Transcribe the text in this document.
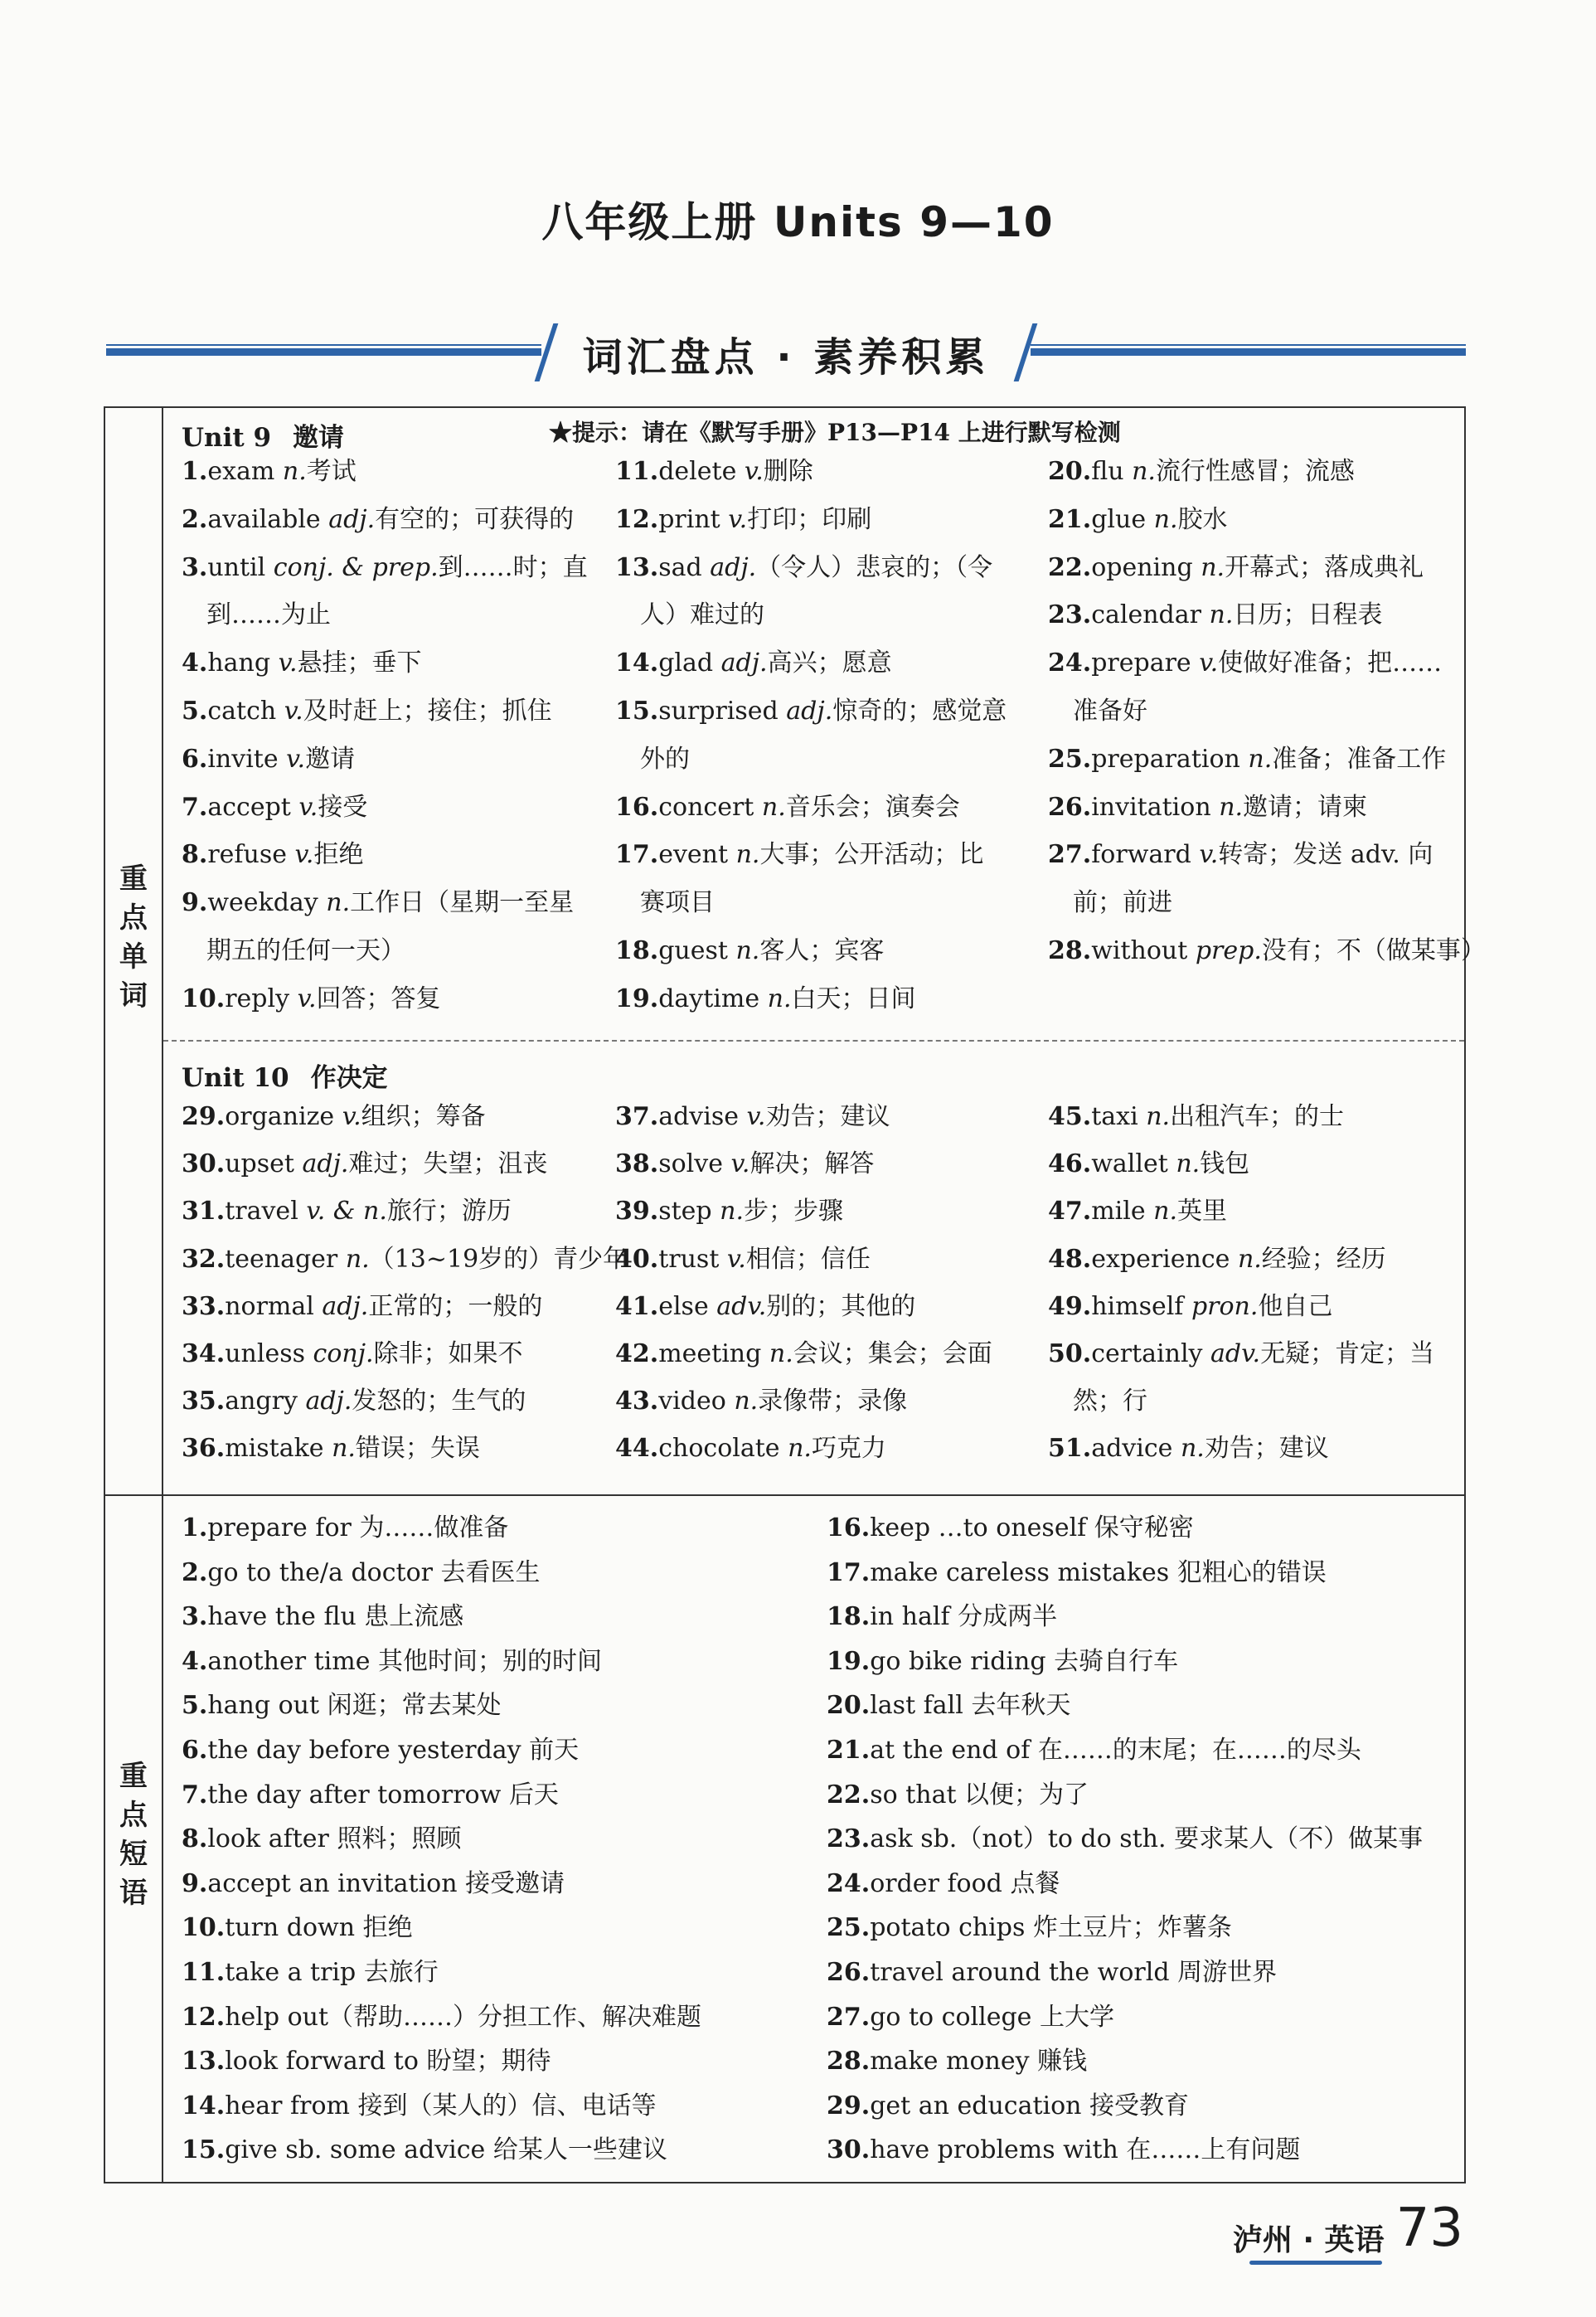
八年级上册 Units 9—10
词汇盘点 · 素养积累
重点单词
★提示：请在《默写手册》P13—P14 上进行默写检测
Unit 9 邀请
1.exam n.考试
2.available adj.有空的；可获得的
3.until conj. & prep.到……时；直
到……为止
4.hang v.悬挂；垂下
5.catch v.及时赶上；接住；抓住
6.invite v.邀请
7.accept v.接受
8.refuse v.拒绝
9.weekday n.工作日（星期一至星
期五的任何一天）
10.reply v.回答；答复
11.delete v.删除
12.print v.打印；印刷
13.sad adj.（令人）悲哀的；（令
人）难过的
14.glad adj.高兴；愿意
15.surprised adj.惊奇的；感觉意
外的
16.concert n.音乐会；演奏会
17.event n.大事；公开活动；比
赛项目
18.guest n.客人；宾客
19.daytime n.白天；日间
20.flu n.流行性感冒；流感
21.glue n.胶水
22.opening n.开幕式；落成典礼
23.calendar n.日历；日程表
24.prepare v.使做好准备；把……
准备好
25.preparation n.准备；准备工作
26.invitation n.邀请；请柬
27.forward v.转寄；发送 adv. 向
前；前进
28.without prep.没有；不（做某事）
Unit 10 作决定
29.organize v.组织；筹备
30.upset adj.难过；失望；沮丧
31.travel v. & n.旅行；游历
32.teenager n.（13~19岁的）青少年
33.normal adj.正常的；一般的
34.unless conj.除非；如果不
35.angry adj.发怒的；生气的
36.mistake n.错误；失误
37.advise v.劝告；建议
38.solve v.解决；解答
39.step n.步；步骤
40.trust v.相信；信任
41.else adv.别的；其他的
42.meeting n.会议；集会；会面
43.video n.录像带；录像
44.chocolate n.巧克力
45.taxi n.出租汽车；的士
46.wallet n.钱包
47.mile n.英里
48.experience n.经验；经历
49.himself pron.他自己
50.certainly adv.无疑；肯定；当
然；行
51.advice n.劝告；建议
重点短语
1.prepare for 为……做准备
2.go to the/a doctor 去看医生
3.have the flu 患上流感
4.another time 其他时间；别的时间
5.hang out 闲逛；常去某处
6.the day before yesterday 前天
7.the day after tomorrow 后天
8.look after 照料；照顾
9.accept an invitation 接受邀请
10.turn down 拒绝
11.take a trip 去旅行
12.help out（帮助……）分担工作、解决难题
13.look forward to 盼望；期待
14.hear from 接到（某人的）信、电话等
15.give sb. some advice 给某人一些建议
16.keep …to oneself 保守秘密
17.make careless mistakes 犯粗心的错误
18.in half 分成两半
19.go bike riding 去骑自行车
20.last fall 去年秋天
21.at the end of 在……的末尾；在……的尽头
22.so that 以便；为了
23.ask sb.（not）to do sth. 要求某人（不）做某事
24.order food 点餐
25.potato chips 炸土豆片；炸薯条
26.travel around the world 周游世界
27.go to college 上大学
28.make money 赚钱
29.get an education 接受教育
30.have problems with 在……上有问题
泸州 · 英语 73
